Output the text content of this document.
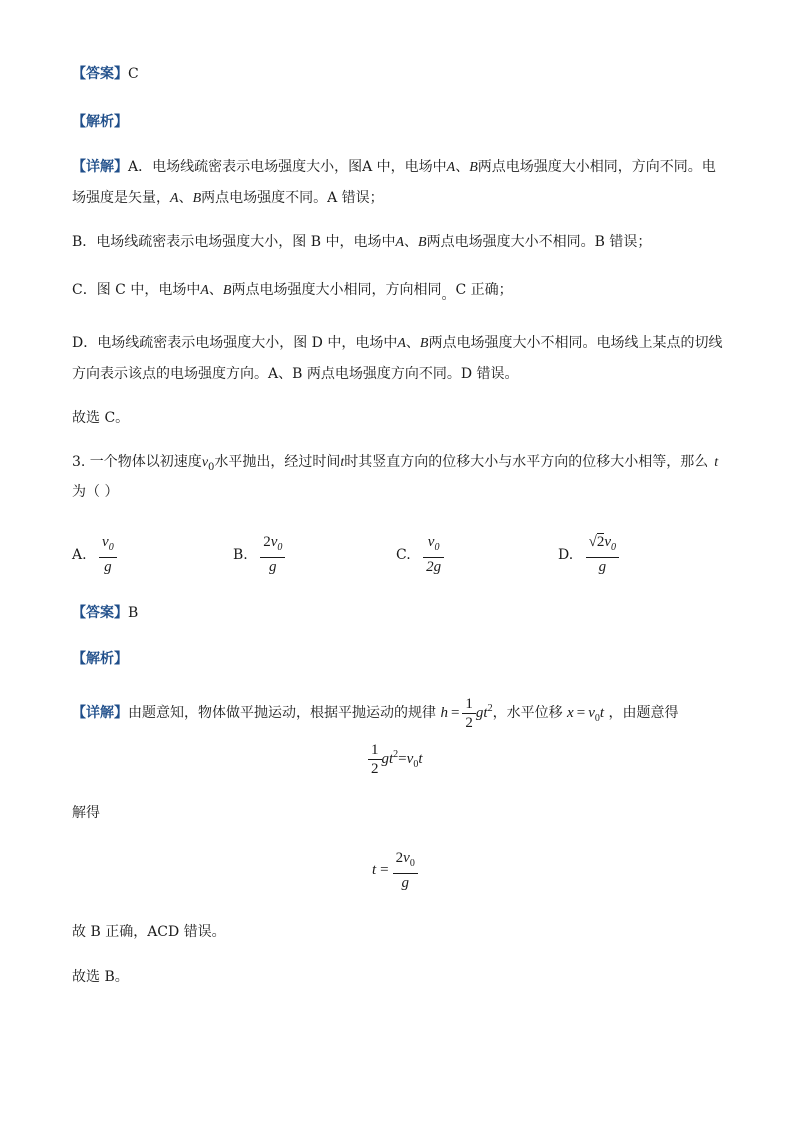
【答案】C
【解析】
【详解】A．电场线疏密表示电场强度大小，图A 中，电场中A、B两点电场强度大小相同，方向不同。电
场强度是矢量，A、B两点电场强度不同。A 错误；
B．电场线疏密表示电场强度大小，图 B 中，电场中A、B两点电场强度大小不相同。B 错误；
C．图 C 中，电场中A、B两点电场强度大小相同，方向相同。C 正确；
D．电场线疏密表示电场强度大小，图 D 中，电场中A、B两点电场强度大小不相同。电场线上某点的切线
方向表示该点的电场强度方向。A、B 两点电场强度方向不同。D 错误。
故选 C。
3. 一个物体以初速度$v_0$水平抛出，经过时间t时其竖直方向的位移大小与水平方向的位移大小相等，那么 t
为（ ）
A. $\frac{v_0}{g}$	B. $\frac{2v_0}{g}$	C. $\frac{v_0}{2g}$	D. $\frac{√2v_0}{g}$
【答案】B
【解析】
【详解】由题意知，物体做平抛运动，根据平抛运动的规律 $h = \frac{1}{2} gt^2$，水平位移 $x = v_0t$ ，由题意得
$\frac{1}{2} gt^2=v_0t$
解得
$t = \frac{2v_0}{g}$
故 B 正确，ACD 错误。
故选 B。
